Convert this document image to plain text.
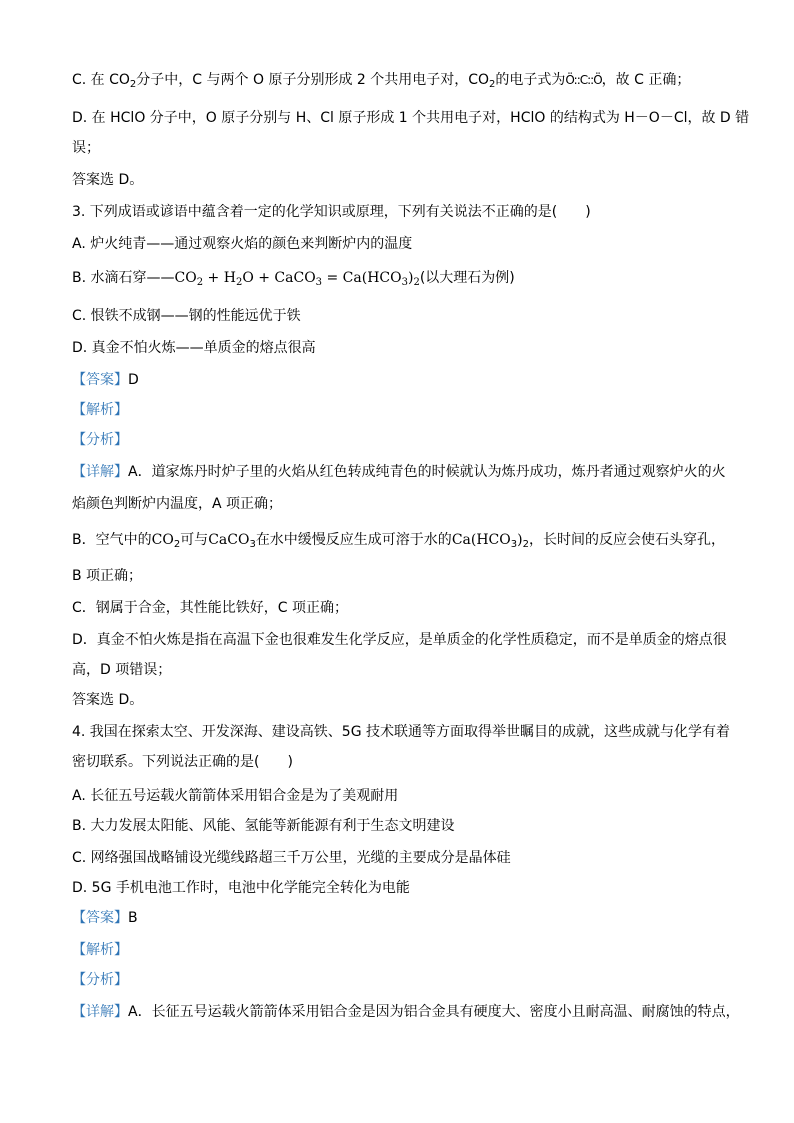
C. 在 $CO_2$分子中，C 与两个 O 原子分别形成 2 个共用电子对，$CO_2$的电子式为Ö::C::Ö，故 C 正确；
D. 在 HClO 分子中，O 原子分别与 H、Cl 原子形成 1 个共用电子对，HClO 的结构式为 H－O－Cl，故 D 错
误；
答案选 D。
3. 下列成语或谚语中蕴含着一定的化学知识或原理，下列有关说法不正确的是(　　)
A. 炉火纯青——通过观察火焰的颜色来判断炉内的温度
B. 水滴石穿$——CO_2 + H_2O$ + CaCO$_3$ = $Ca(HCO_3)_2$(以大理石为例)
C. 恨铁不成钢——钢的性能远优于铁
D. 真金不怕火炼——单质金的熔点很高
【答案】D
【解析】
【分析】
【详解】A．道家炼丹时炉子里的火焰从红色转成纯青色的时候就认为炼丹成功，炼丹者通过观察炉火的火
焰颜色判断炉内温度，A 项正确；
B．空气中的$CO_2$可与CaCO$_3$在水中缓慢反应生成可溶于水的$Ca(HCO_3)_2$，长时间的反应会使石头穿孔，
B 项正确；
C．钢属于合金，其性能比铁好，C 项正确；
D．真金不怕火炼是指在高温下金也很难发生化学反应，是单质金的化学性质稳定，而不是单质金的熔点很
高，D 项错误；
答案选 D。
4. 我国在探索太空、开发深海、建设高铁、5G 技术联通等方面取得举世瞩目的成就，这些成就与化学有着
密切联系。下列说法正确的是(　　)
A. 长征五号运载火箭箭体采用铝合金是为了美观耐用
B. 大力发展太阳能、风能、氢能等新能源有利于生态文明建设
C. 网络强国战略铺设光缆线路超三千万公里，光缆的主要成分是晶体硅
D. 5G 手机电池工作时，电池中化学能完全转化为电能
【答案】B
【解析】
【分析】
【详解】A．长征五号运载火箭箭体采用铝合金是因为铝合金具有硬度大、密度小且耐高温、耐腐蚀的特点，
